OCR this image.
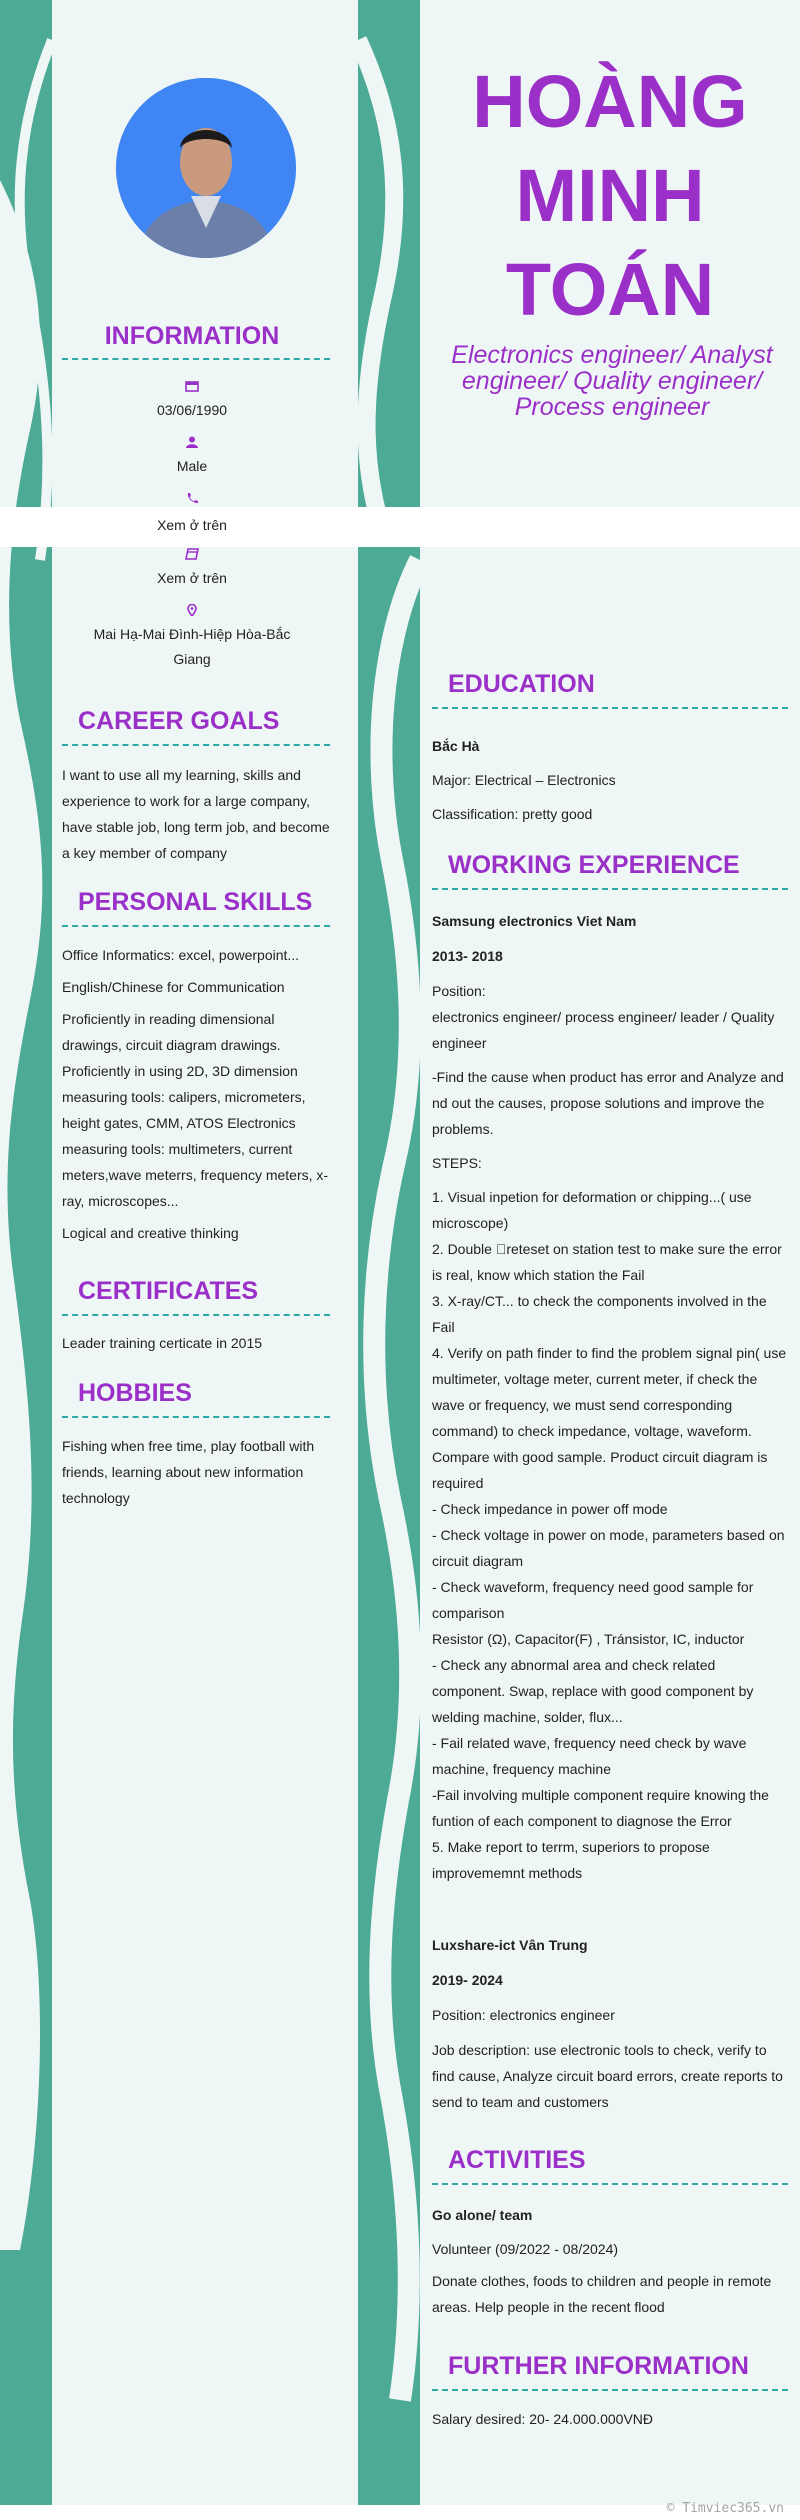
INFORMATION
03/06/1990
Male
Xem ở trên
Xem ở trên
Mai Hạ-Mai Đình-Hiệp Hòa-Bắc Giang
CAREER GOALS
I want to use all my learning, skills and experience to work for a large company, have stable job, long term job, and become a key member of company
PERSONAL SKILLS

Office Informatics: excel, powerpoint...

English/Chinese for Communication

Proficiently in reading dimensional drawings, circuit diagram drawings. Proficiently in using 2D, 3D dimension measuring tools: calipers, micrometers, height gates, CMM, ATOS Electronics measuring tools: multimeters, current meters,wave meterrs, frequency meters, x-ray, microscopes...

Logical and creative thinking

CERTIFICATES
Leader training certicate in 2015
HOBBIES
Fishing when free time, play football with friends, learning about new information technology
HOÀNG
MINH
TOÁN
Electronics engineer/ Analyst engineer/ Quality engineer/ Process engineer
EDUCATION

Bắc Hà

Major: Electrical – Electronics

Classification: pretty good

WORKING EXPERIENCE

Samsung electronics Viet Nam

2013- 2018

Position:

electronics engineer/ process engineer/ leader / Quality engineer

-Find the cause when product has error and Analyze and nd out the causes, propose solutions and improve the problems.

STEPS:

1. Visual inpetion for deformation or chipping...( use microscope)

2. Double  reteset on station test to make sure the error is real, know which station the Fail

3. X-ray/CT... to check the components involved in the Fail

4. Verify on path finder to find the problem signal pin( use multimeter, voltage meter, current meter, if check the wave or frequency, we must send corresponding command) to check impedance, voltage, waveform. Compare with good sample. Product circuit diagram is required

- Check impedance in power off mode

- Check voltage in power on mode, parameters based on circuit diagram

- Check waveform, frequency need good sample for comparison

Resistor (Ω), Capacitor(F) , Tránsistor, IC, inductor

- Check any abnormal area and check related component. Swap, replace with good component by welding machine, solder, flux...

- Fail related wave, frequency need check by wave machine, frequency machine

-Fail involving multiple component require knowing the funtion of each component to diagnose the Error

5. Make report to terrm, superiors to propose improvememnt methods

Luxshare-ict Vân Trung

2019- 2024

Position: electronics engineer

Job description: use electronic tools to check, verify to find cause, Analyze circuit board errors, create reports to send to team and customers

ACTIVITIES

Go alone/ team

Volunteer (09/2022 - 08/2024)

Donate clothes, foods to children and people in remote areas. Help people in the recent flood

FURTHER INFORMATION
Salary desired: 20- 24.000.000VNĐ
© Timviec365.vn
